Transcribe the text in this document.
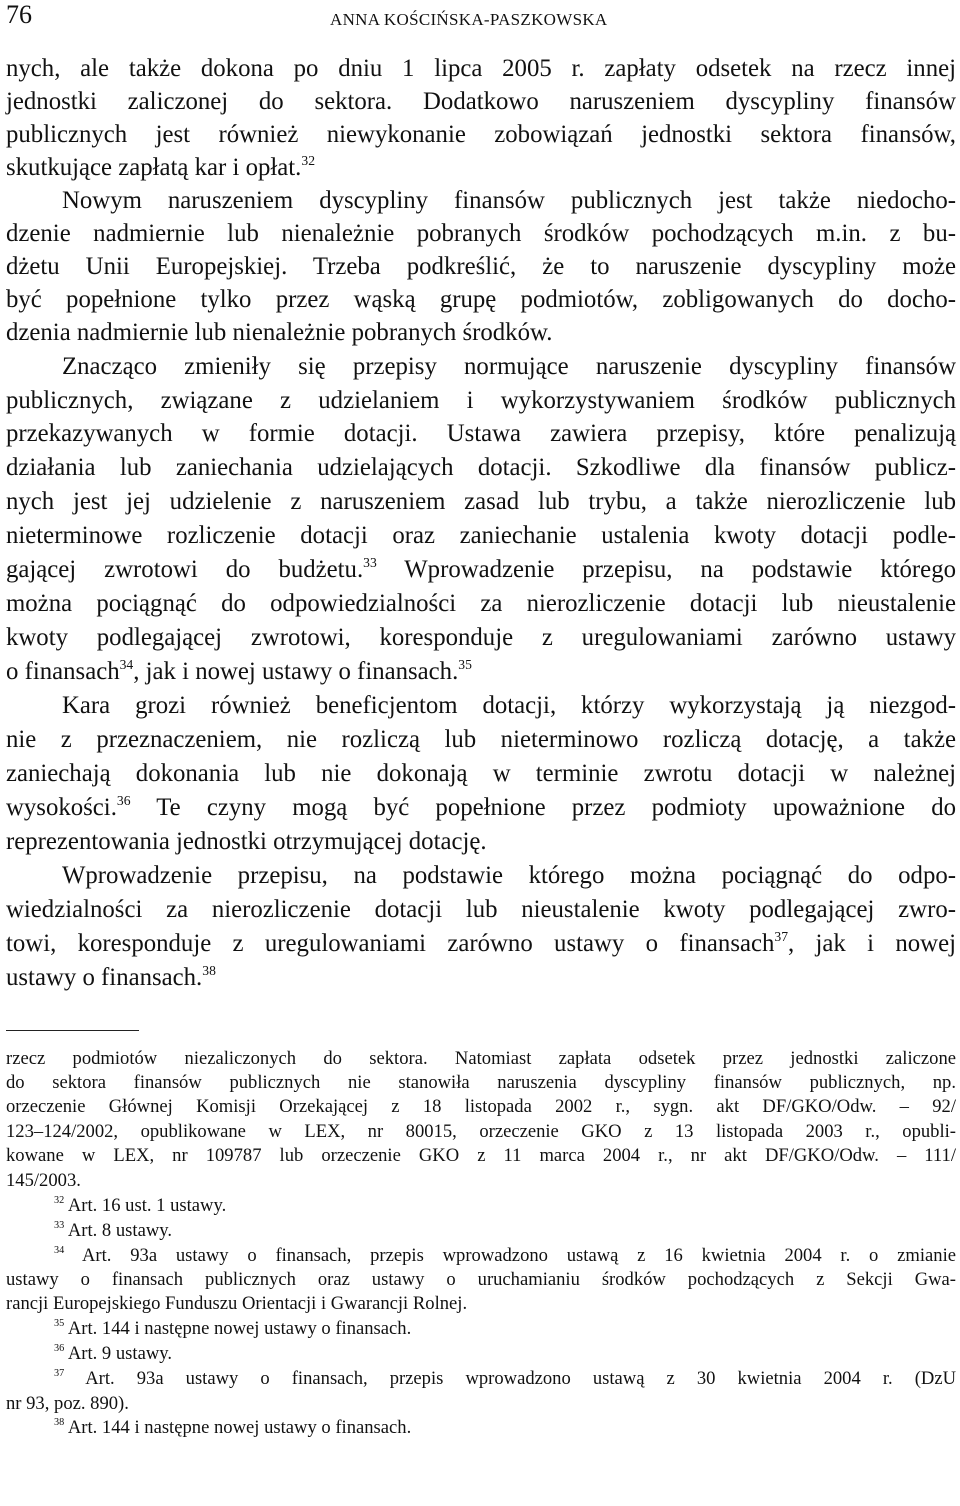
76	ANNA KOŚCIŃSKA-PASZKOWSKA
nych, ale także dokona po dniu 1 lipca 2005 r. zapłaty odsetek na rzecz innej
jednostki zaliczonej do sektora. Dodatkowo naruszeniem dyscypliny finansów
publicznych jest również niewykonanie zobowiązań jednostki sektora finansów,
skutkujące zapłatą kar i opłat.$^{32}$
Nowym naruszeniem dyscypliny finansów publicznych jest także niedocho-
dzenie nadmiernie lub nienależnie pobranych środków pochodzących m.in. z bu-
dżetu Unii Europejskiej. Trzeba podkreślić, że to naruszenie dyscypliny może
być popełnione tylko przez wąską grupę podmiotów, zobligowanych do docho-
dzenia nadmiernie lub nienależnie pobranych środków.
Znacząco zmieniły się przepisy normujące naruszenie dyscypliny finansów
publicznych, związane z udzielaniem i wykorzystywaniem środków publicznych
przekazywanych w formie dotacji. Ustawa zawiera przepisy, które penalizują
działania lub zaniechania udzielających dotacji. Szkodliwe dla finansów publicz-
nych jest jej udzielenie z naruszeniem zasad lub trybu, a także nierozliczenie lub
nieterminowe rozliczenie dotacji oraz zaniechanie ustalenia kwoty dotacji podle-
gającej zwrotowi do budżetu.$^{33}$ Wprowadzenie przepisu, na podstawie którego
można pociągnąć do odpowiedzialności za nierozliczenie dotacji lub nieustalenie
kwoty podlegającej zwrotowi, koresponduje z uregulowaniami zarówno ustawy
o finansach$^{34}$, jak i nowej ustawy o finansach.$^{35}$
Kara grozi również beneficjentom dotacji, którzy wykorzystają ją niezgod-
nie z przeznaczeniem, nie rozliczą lub nieterminowo rozliczą dotację, a także
zaniechają dokonania lub nie dokonają w terminie zwrotu dotacji w należnej
wysokości.$^{36}$ Te czyny mogą być popełnione przez podmioty upoważnione do
reprezentowania jednostki otrzymującej dotację.
Wprowadzenie przepisu, na podstawie którego można pociągnąć do odpo-
wiedzialności za nierozliczenie dotacji lub nieustalenie kwoty podlegającej zwro-
towi, koresponduje z uregulowaniami zarówno ustawy o finansach$^{37}$, jak i nowej
ustawy o finansach.$^{38}$
rzecz podmiotów niezaliczonych do sektora. Natomiast zapłata odsetek przez jednostki zaliczone
do sektora finansów publicznych nie stanowiła naruszenia dyscypliny finansów publicznych, np.
orzeczenie Głównej Komisji Orzekającej z 18 listopada 2002 r., sygn. akt DF/GKO/Odw. – 92/
123–124/2002, opublikowane w LEX, nr 80015, orzeczenie GKO z 13 listopada 2003 r., opubli-
kowane w LEX, nr 109787 lub orzeczenie GKO z 11 marca 2004 r., nr akt DF/GKO/Odw. – 111/
145/2003.
$^{32}$ Art. 16 ust. 1 ustawy.
$^{33}$ Art. 8 ustawy.
$^{34}$ Art. 93a ustawy o finansach, przepis wprowadzono ustawą z 16 kwietnia 2004 r. o zmianie
ustawy o finansach publicznych oraz ustawy o uruchamianiu środków pochodzących z Sekcji Gwa-
rancji Europejskiego Funduszu Orientacji i Gwarancji Rolnej.
$^{35}$ Art. 144 i następne nowej ustawy o finansach.
$^{36}$ Art. 9 ustawy.
$^{37}$ Art. 93a ustawy o finansach, przepis wprowadzono ustawą z 30 kwietnia 2004 r. (DzU
nr 93, poz. 890).
$^{38}$ Art. 144 i następne nowej ustawy o finansach.
